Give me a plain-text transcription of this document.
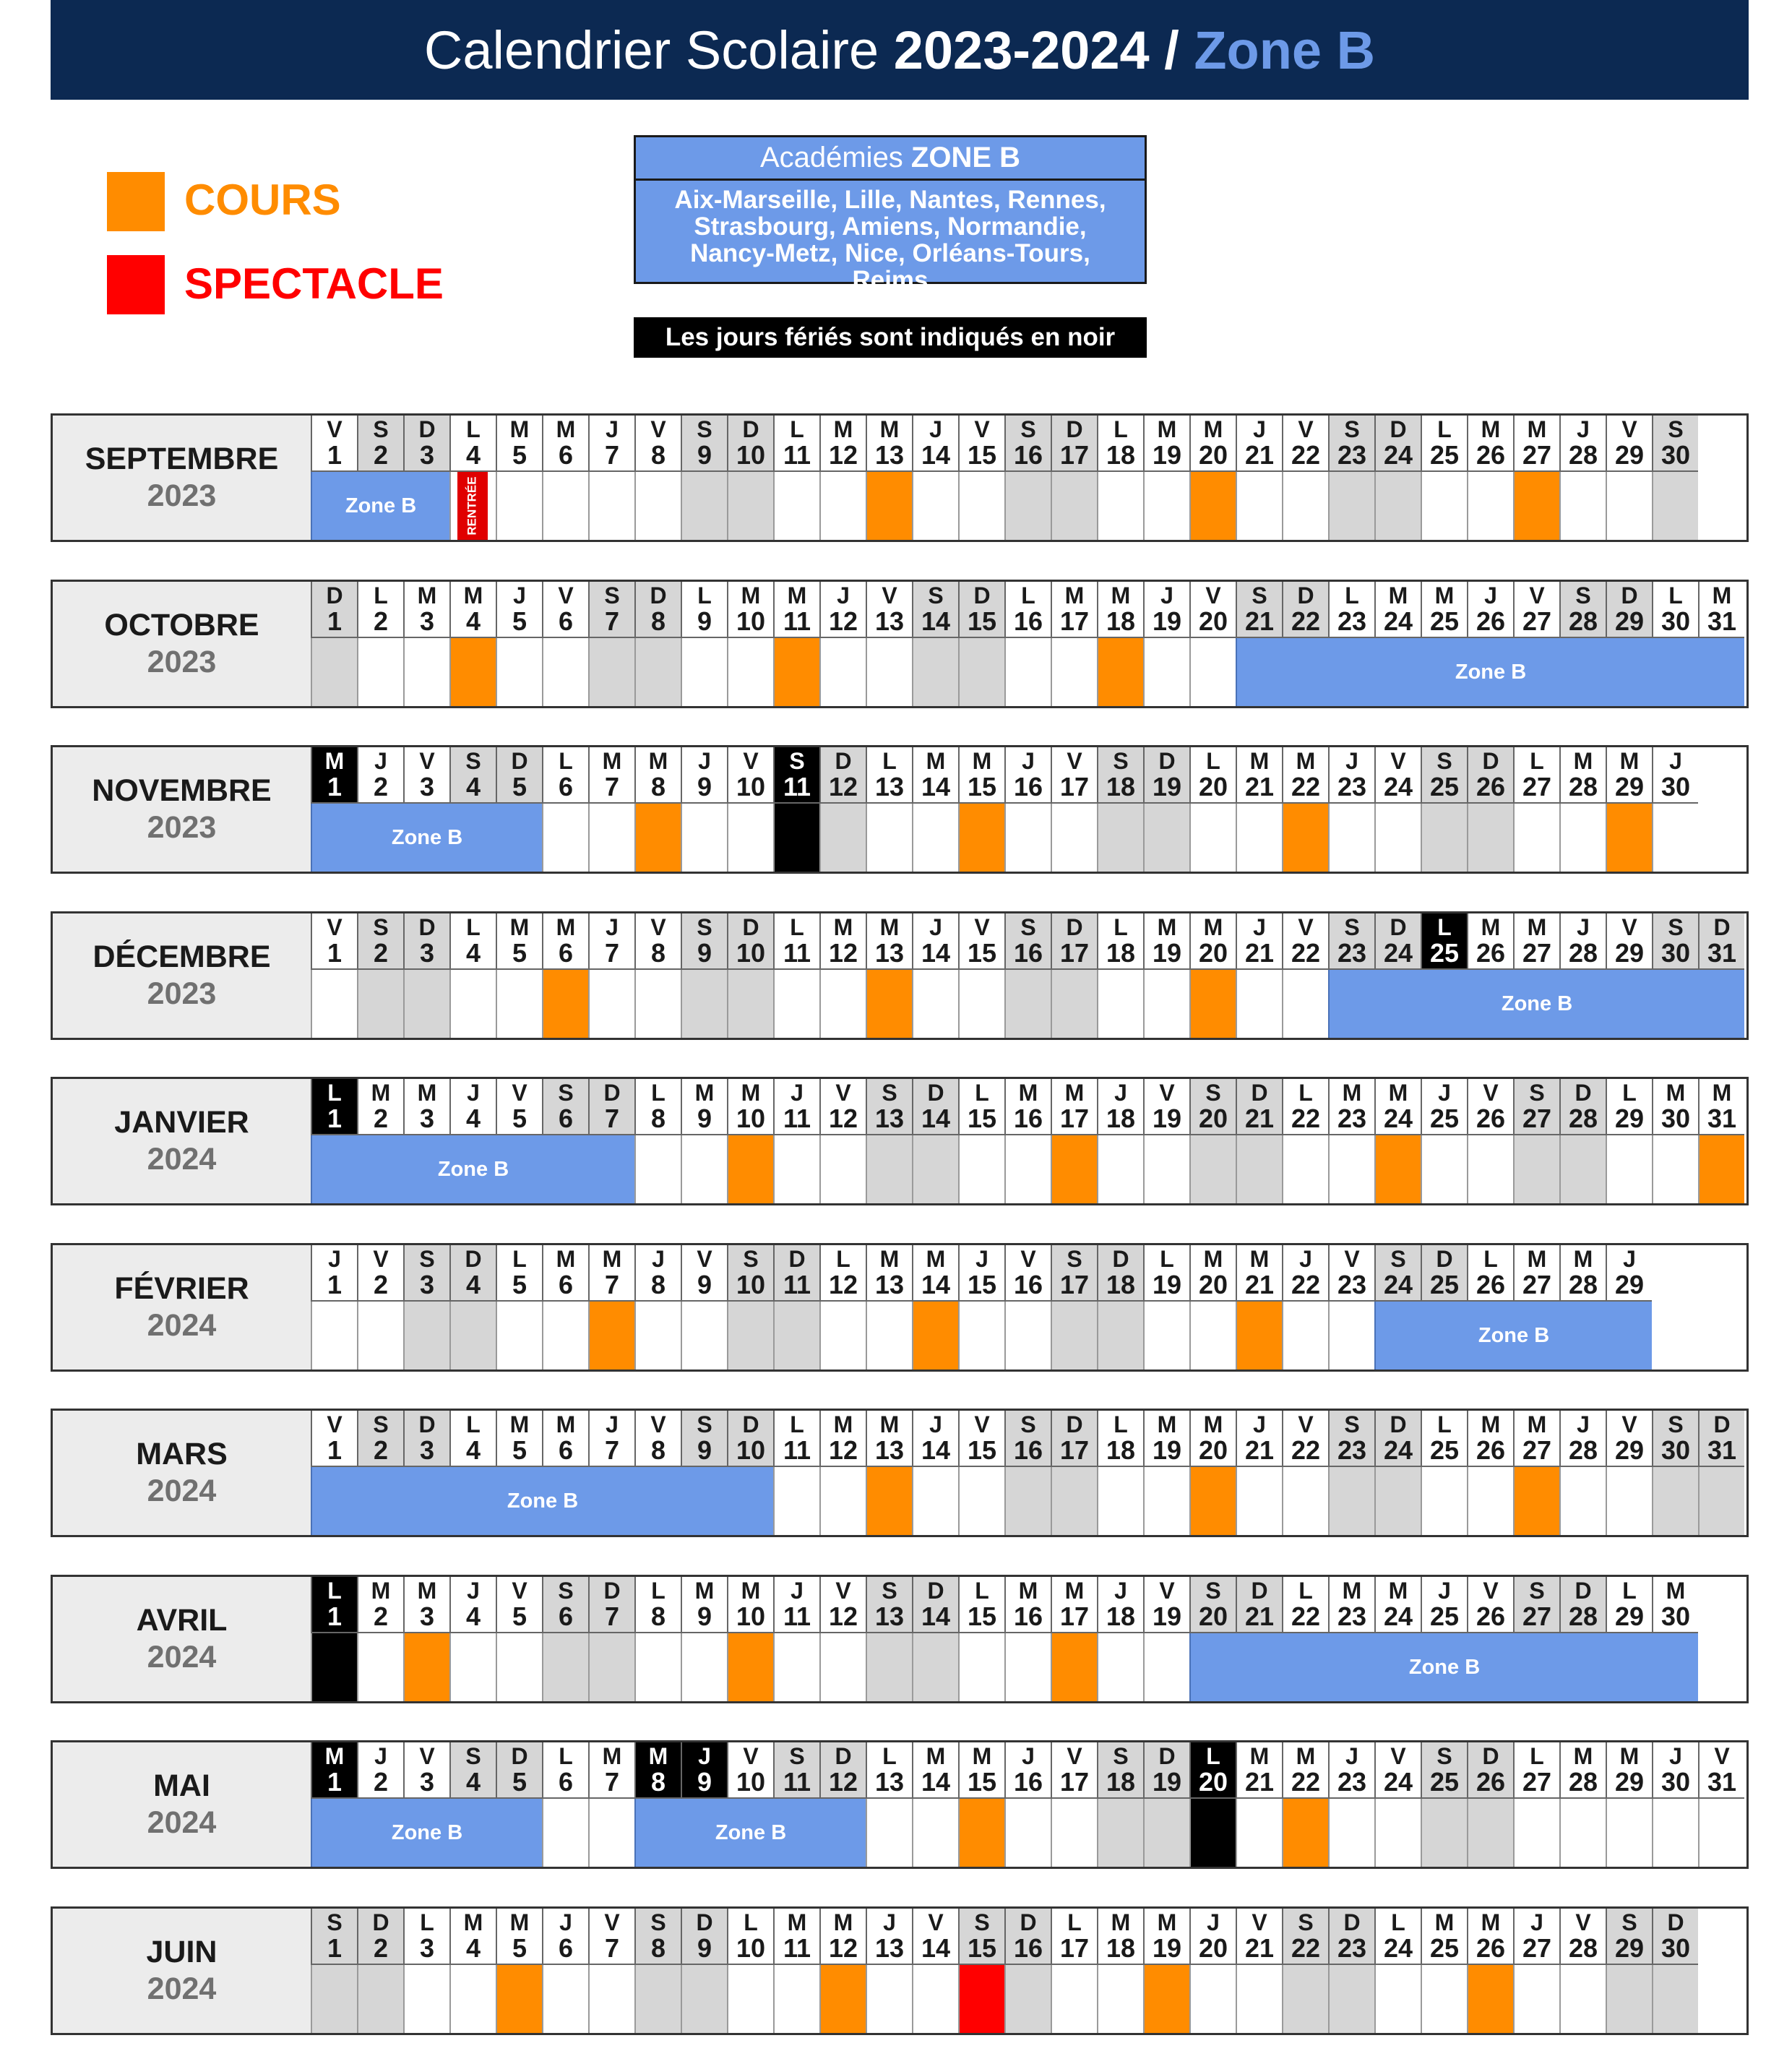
Calendrier Scolaire 2023-2024 / Zone B
COURS
SPECTACLE
Académies ZONE B
Aix-Marseille, Lille, Nantes, Rennes, Strasbourg, Amiens, Normandie, Nancy-Metz, Nice, Orléans-Tours, Reims
Les jours fériés sont indiqués en noir
SEPTEMBRE
2023
V
1
S
2
D
3
L
4
M
5
M
6
J
7
V
8
S
9
D
10
L
11
M
12
M
13
J
14
V
15
S
16
D
17
L
18
M
19
M
20
J
21
V
22
S
23
D
24
L
25
M
26
M
27
J
28
V
29
S
30
Zone B	RENTRÉE
OCTOBRE
2023
D
1
L
2
M
3
M
4
J
5
V
6
S
7
D
8
L
9
M
10
M
11
J
12
V
13
S
14
D
15
L
16
M
17
M
18
J
19
V
20
S
21
D
22
L
23
M
24
M
25
J
26
V
27
S
28
D
29
L
30
M
31
Zone B
NOVEMBRE
2023
M
1
J
2
V
3
S
4
D
5
L
6
M
7
M
8
J
9
V
10
S
11
D
12
L
13
M
14
M
15
J
16
V
17
S
18
D
19
L
20
M
21
M
22
J
23
V
24
S
25
D
26
L
27
M
28
M
29
J
30
Zone B
DÉCEMBRE
2023
V
1
S
2
D
3
L
4
M
5
M
6
J
7
V
8
S
9
D
10
L
11
M
12
M
13
J
14
V
15
S
16
D
17
L
18
M
19
M
20
J
21
V
22
S
23
D
24
L
25
M
26
M
27
J
28
V
29
S
30
D
31
Zone B
JANVIER
2024
L
1
M
2
M
3
J
4
V
5
S
6
D
7
L
8
M
9
M
10
J
11
V
12
S
13
D
14
L
15
M
16
M
17
J
18
V
19
S
20
D
21
L
22
M
23
M
24
J
25
V
26
S
27
D
28
L
29
M
30
M
31
Zone B
FÉVRIER
2024
J
1
V
2
S
3
D
4
L
5
M
6
M
7
J
8
V
9
S
10
D
11
L
12
M
13
M
14
J
15
V
16
S
17
D
18
L
19
M
20
M
21
J
22
V
23
S
24
D
25
L
26
M
27
M
28
J
29
Zone B
MARS
2024
V
1
S
2
D
3
L
4
M
5
M
6
J
7
V
8
S
9
D
10
L
11
M
12
M
13
J
14
V
15
S
16
D
17
L
18
M
19
M
20
J
21
V
22
S
23
D
24
L
25
M
26
M
27
J
28
V
29
S
30
D
31
Zone B
AVRIL
2024
L
1
M
2
M
3
J
4
V
5
S
6
D
7
L
8
M
9
M
10
J
11
V
12
S
13
D
14
L
15
M
16
M
17
J
18
V
19
S
20
D
21
L
22
M
23
M
24
J
25
V
26
S
27
D
28
L
29
M
30
Zone B
MAI
2024
M
1
J
2
V
3
S
4
D
5
L
6
M
7
M
8
J
9
V
10
S
11
D
12
L
13
M
14
M
15
J
16
V
17
S
18
D
19
L
20
M
21
M
22
J
23
V
24
S
25
D
26
L
27
M
28
M
29
J
30
V
31
Zone B	Zone B
JUIN
2024
S
1
D
2
L
3
M
4
M
5
J
6
V
7
S
8
D
9
L
10
M
11
M
12
J
13
V
14
S
15
D
16
L
17
M
18
M
19
J
20
V
21
S
22
D
23
L
24
M
25
M
26
J
27
V
28
S
29
D
30
